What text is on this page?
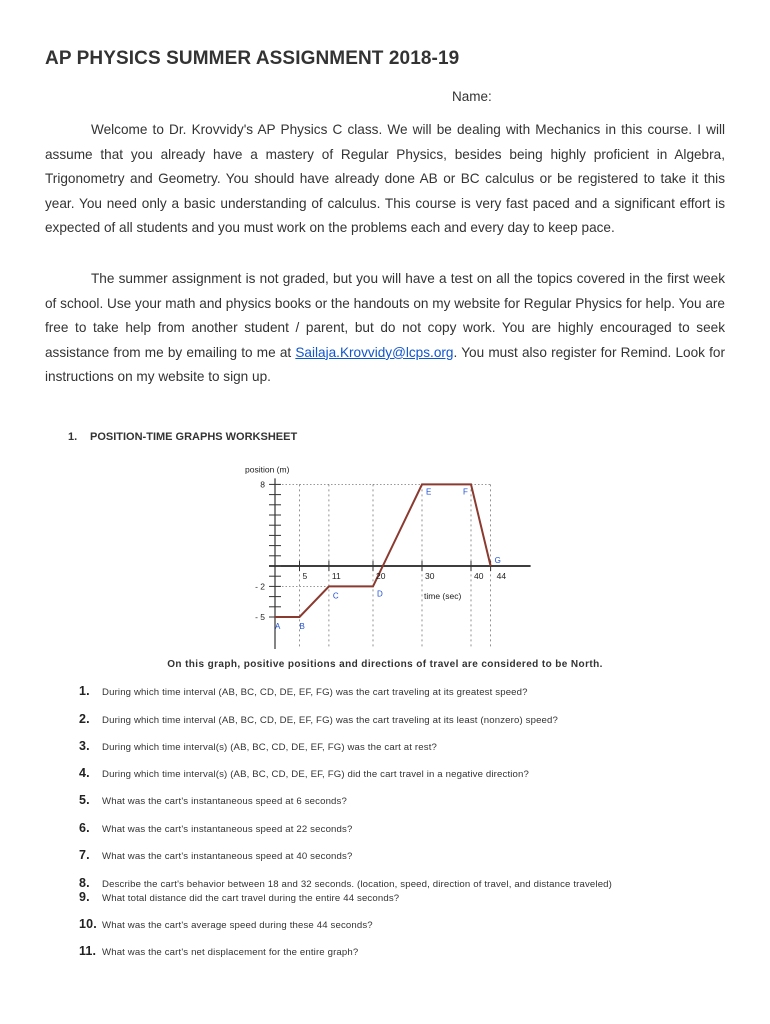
AP PHYSICS SUMMER ASSIGNMENT 2018-19
Name:
Welcome to Dr. Krovvidy's AP Physics C class. We will be dealing with Mechanics in this course. I will assume that you already have a mastery of Regular Physics, besides being highly proficient in Algebra, Trigonometry and Geometry. You should have already done AB or BC calculus or be registered to take it this year. You need only a basic understanding of calculus. This course is very fast paced and a significant effort is expected of all students and you must work on the problems each and every day to keep pace.
The summer assignment is not graded, but you will have a test on all the topics covered in the first week of school. Use your math and physics books or the handouts on my website for Regular Physics for help. You are free to take help from another student / parent, but do not copy work. You are highly encouraged to seek assistance from me by emailing to me at Sailaja.Krovvidy@lcps.org. You must also register for Remind. Look for instructions on my website to sign up.
1. POSITION-TIME GRAPHS WORKSHEET
A B
C	D
E	F
G
5	11	20	30	40 44
8
- 2
- 5
position (m)
time (sec)
On this graph, positive positions and directions of travel are considered to be North.
1. During which time interval (AB, BC, CD, DE, EF, FG) was the cart traveling at its greatest speed?
2. During which time interval (AB, BC, CD, DE, EF, FG) was the cart traveling at its least (nonzero) speed?
3. During which time interval(s) (AB, BC, CD, DE, EF, FG) was the cart at rest?
4. During which time interval(s) (AB, BC, CD, DE, EF, FG) did the cart travel in a negative direction?
5. What was the cart's instantaneous speed at 6 seconds?
6. What was the cart's instantaneous speed at 22 seconds?
7. What was the cart's instantaneous speed at 40 seconds?
8. Describe the cart's behavior between 18 and 32 seconds. (location, speed, direction of travel, and distance traveled)
9. What total distance did the cart travel during the entire 44 seconds?
10. What was the cart's average speed during these 44 seconds?
11. What was the cart's net displacement for the entire graph?
